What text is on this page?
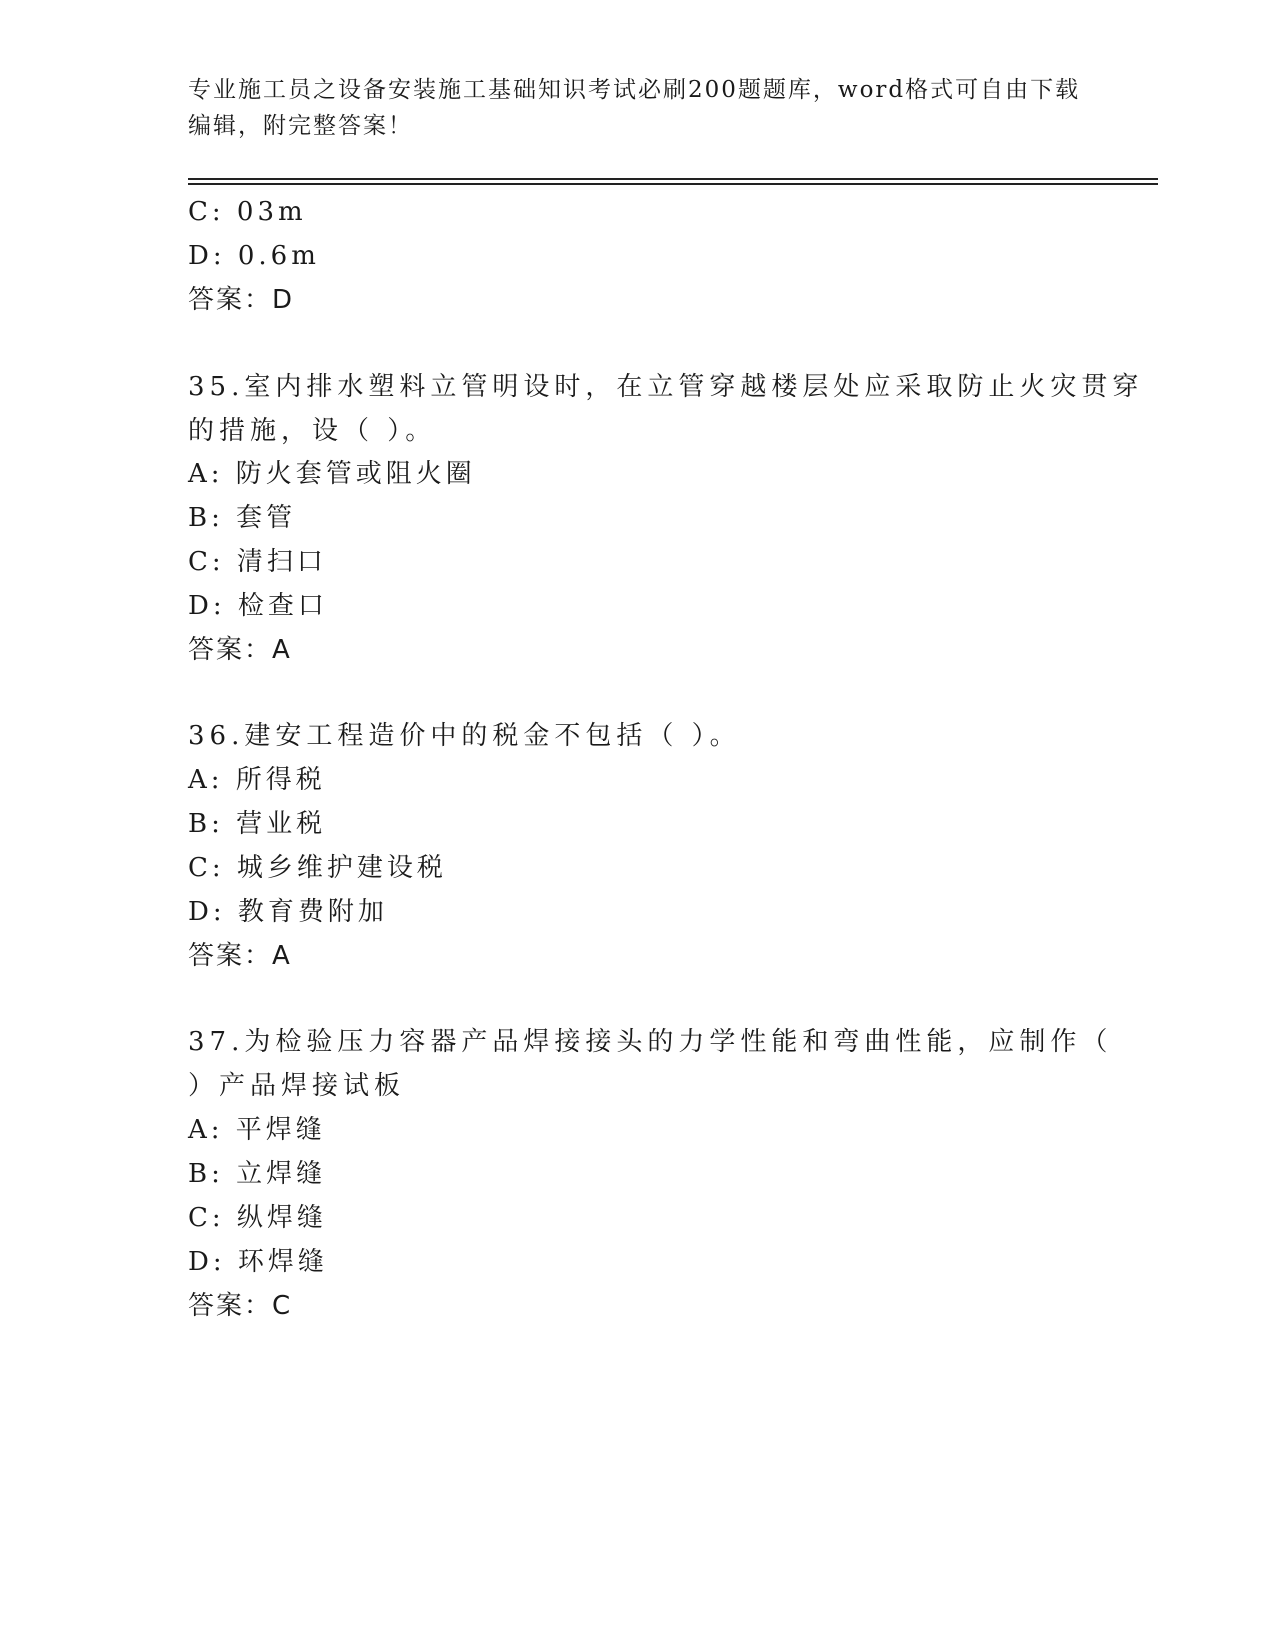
专业施工员之设备安装施工基础知识考试必刷200题题库，word格式可自由下载
编辑，附完整答案！
C: 03m
D: 0.6m
答案：D
35.室内排水塑料立管明设时，在立管穿越楼层处应采取防止火灾贯穿
的措施，设（ ）。
A: 防火套管或阻火圈
B: 套管
C: 清扫口
D: 检查口
答案：A
36.建安工程造价中的税金不包括（ ）。
A: 所得税
B: 营业税
C: 城乡维护建设税
D: 教育费附加
答案：A
37.为检验压力容器产品焊接接头的力学性能和弯曲性能，应制作（
）产品焊接试板
A: 平焊缝
B: 立焊缝
C: 纵焊缝
D: 环焊缝
答案：C
